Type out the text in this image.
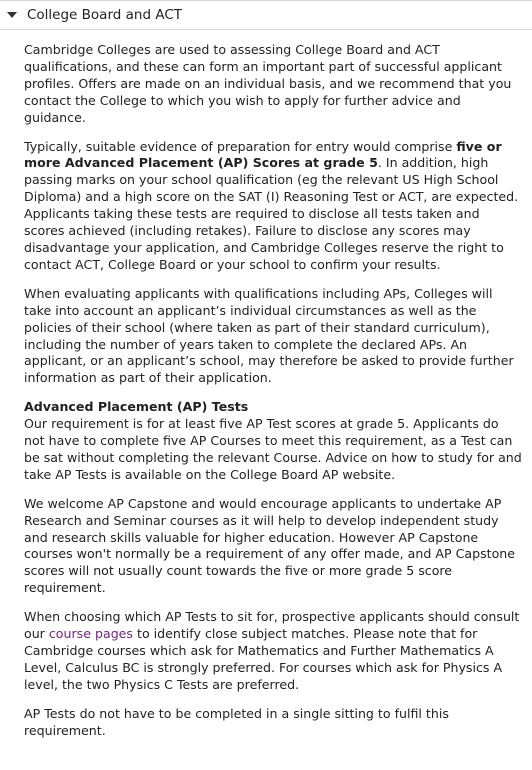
College Board and ACT

Cambridge Colleges are used to assessing College Board and ACT qualifications, and these can form an important part of successful applicant profiles. Offers are made on an individual basis, and we recommend that you contact the College to which you wish to apply for further advice and guidance.

Typically, suitable evidence of preparation for entry would comprise five or more Advanced Placement (AP) Scores at grade 5. In addition, high passing marks on your school qualification (eg the relevant US High School Diploma) and a high score on the SAT (I) Reasoning Test or ACT, are expected. Applicants taking these tests are required to disclose all tests taken and scores achieved (including retakes). Failure to disclose any scores may disadvantage your application, and Cambridge Colleges reserve the right to contact ACT, College Board or your school to confirm your results.

When evaluating applicants with qualifications including APs, Colleges will take into account an applicant’s individual circumstances as well as the policies of their school (where taken as part of their standard curriculum), including the number of years taken to complete the declared APs. An applicant, or an applicant’s school, may therefore be asked to provide further information as part of their application.

Advanced Placement (AP) Tests

Our requirement is for at least five AP Test scores at grade 5. Applicants do not have to complete five AP Courses to meet this requirement, as a Test can be sat without completing the relevant Course. Advice on how to study for and take AP Tests is available on the College Board AP website.

We welcome AP Capstone and would encourage applicants to undertake AP Research and Seminar courses as it will help to develop independent study and research skills valuable for higher education. However AP Capstone courses won't normally be a requirement of any offer made, and AP Capstone scores will not usually count towards the five or more grade 5 score requirement.

When choosing which AP Tests to sit for, prospective applicants should consult our course pages to identify close subject matches. Please note that for Cambridge courses which ask for Mathematics and Further Mathematics A Level, Calculus BC is strongly preferred. For courses which ask for Physics A level, the two Physics C Tests are preferred.

AP Tests do not have to be completed in a single sitting to fulfil this requirement.
